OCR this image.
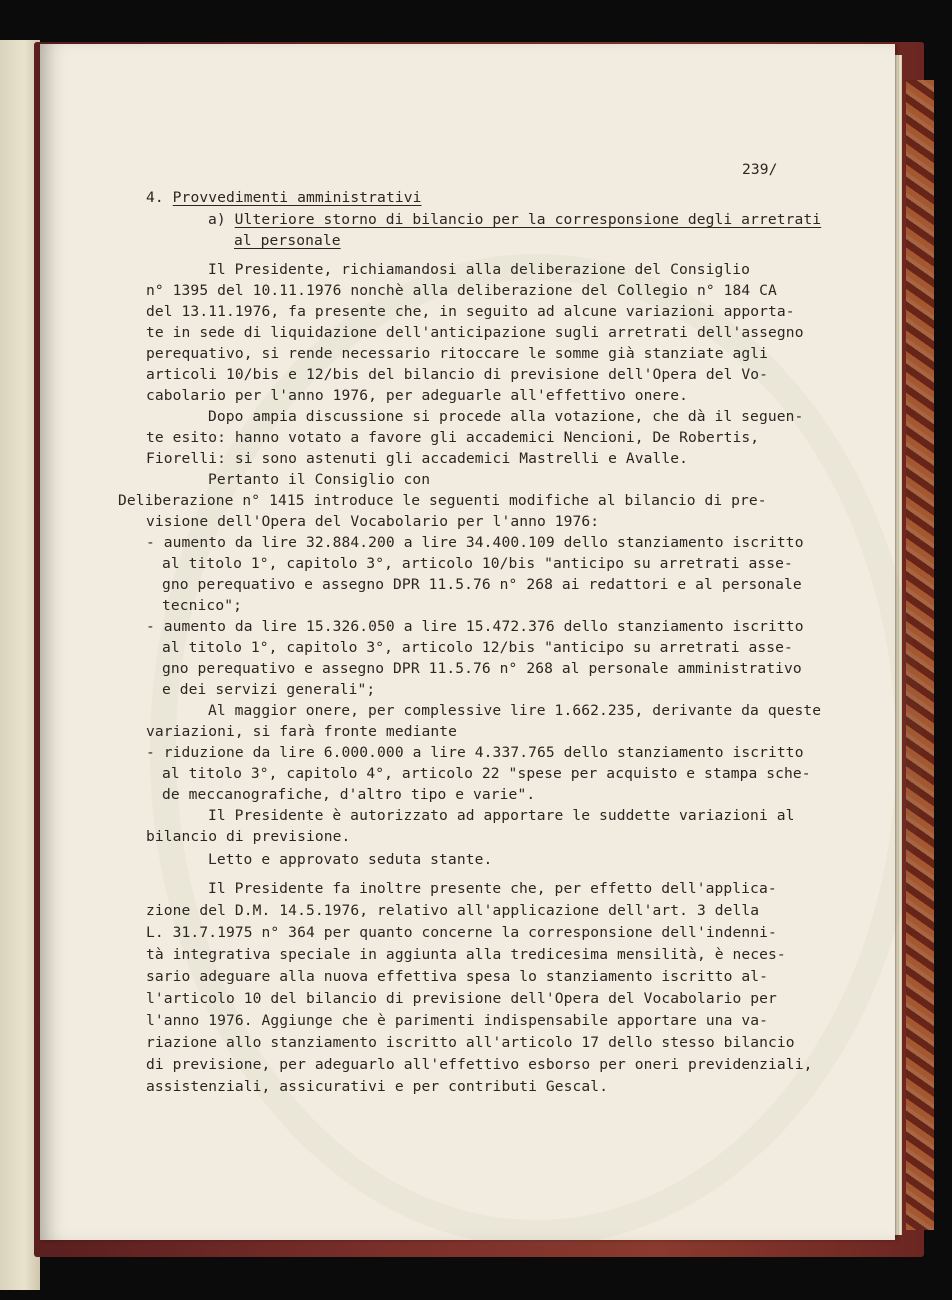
239/

4. Provvedimenti amministrativi

a) Ulteriore storno di bilancio per la corresponsione degli arretrati

al personale

Il Presidente, richiamandosi alla deliberazione del Consiglio

n° 1395 del 10.11.1976 nonchè alla deliberazione del Collegio n° 184 CA

del 13.11.1976, fa presente che, in seguito ad alcune variazioni apporta-

te in sede di liquidazione dell'anticipazione sugli arretrati dell'assegno

perequativo, si rende necessario ritoccare le somme già stanziate agli

articoli 10/bis e 12/bis del bilancio di previsione dell'Opera del Vo-

cabolario per l'anno 1976, per adeguarle all'effettivo onere.

Dopo ampia discussione si procede alla votazione, che dà il seguen-

te esito: hanno votato a favore gli accademici Nencioni, De Robertis,

Fiorelli: si sono astenuti gli accademici Mastrelli e Avalle.

Pertanto il Consiglio con

Deliberazione n° 1415 introduce le seguenti modifiche al bilancio di pre-

visione dell'Opera del Vocabolario per l'anno 1976:

- aumento da lire 32.884.200 a lire 34.400.109 dello stanziamento iscritto

al titolo 1°, capitolo 3°, articolo 10/bis "anticipo su arretrati asse-

gno perequativo e assegno DPR 11.5.76 n° 268 ai redattori e al personale

tecnico";

- aumento da lire 15.326.050 a lire 15.472.376 dello stanziamento iscritto

al titolo 1°, capitolo 3°, articolo 12/bis "anticipo su arretrati asse-

gno perequativo e assegno DPR 11.5.76 n° 268 al personale amministrativo

e dei servizi generali";

Al maggior onere, per complessive lire 1.662.235, derivante da queste

variazioni, si farà fronte mediante

- riduzione da lire 6.000.000 a lire 4.337.765 dello stanziamento iscritto

al titolo 3°, capitolo 4°, articolo 22 "spese per acquisto e stampa sche-

de meccanografiche, d'altro tipo e varie".

Il Presidente è autorizzato ad apportare le suddette variazioni al

bilancio di previsione.

Letto e approvato seduta stante.

Il Presidente fa inoltre presente che, per effetto dell'applica-

zione del D.M. 14.5.1976, relativo all'applicazione dell'art. 3 della

L. 31.7.1975 n° 364 per quanto concerne la corresponsione dell'indenni-

tà integrativa speciale in aggiunta alla tredicesima mensilità, è neces-

sario adeguare alla nuova effettiva spesa lo stanziamento iscritto al-

l'articolo 10 del bilancio di previsione dell'Opera del Vocabolario per

l'anno 1976. Aggiunge che è parimenti indispensabile apportare una va-

riazione allo stanziamento iscritto all'articolo 17 dello stesso bilancio

di previsione, per adeguarlo all'effettivo esborso per oneri previdenziali,

assistenziali, assicurativi e per contributi Gescal.
